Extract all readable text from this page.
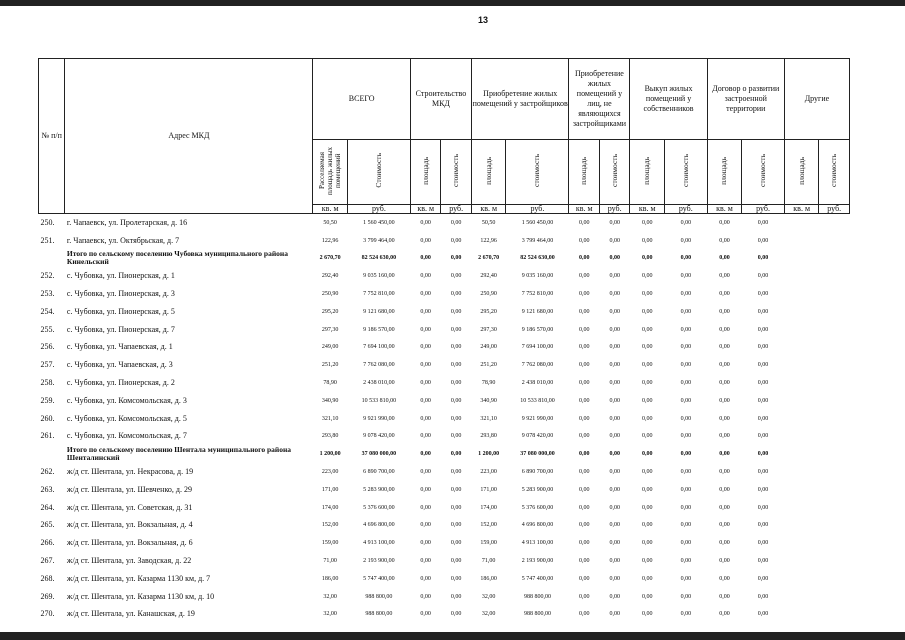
13
№ п/п	Адрес МКД	ВСЕГО		Строительство МКД		Приобретение жилых помещений у застройщиков		Приобретение жилых помещений у лиц, не являющихся застройщиками		Выкуп жилых помещений у собственников		Договор о развитии застроенной территории		Другие	
		Расселяемая площадь жилых помещений	Стоимость	площадь	стоимость	площадь	стоимость	площадь	стоимость	площадь	стоимость	площадь	стоимость	площадь	стоимость
		кв. м	руб.	кв. м	руб.	кв. м	руб.	кв. м	руб.	кв. м	руб.	кв. м	руб.	кв. м	руб.
250.	г. Чапаевск, ул. Пролетарская, д. 16	50,50	1 560 450,00	0,00	0,00	50,50	1 560 450,00	0,00	0,00	0,00	0,00	0,00	0,00		
251.	г. Чапаевск, ул. Октябрьская, д. 7	122,96	3 799 464,00	0,00	0,00	122,96	3 799 464,00	0,00	0,00	0,00	0,00	0,00	0,00		
	Итого по сельскому поселению Чубовка муниципального района Кинельский	2 670,70	82 524 630,00	0,00	0,00	2 670,70	82 524 630,00	0,00	0,00	0,00	0,00	0,00	0,00		
252.	с. Чубовка, ул. Пионерская, д. 1	292,40	9 035 160,00	0,00	0,00	292,40	9 035 160,00	0,00	0,00	0,00	0,00	0,00	0,00		
253.	с. Чубовка, ул. Пионерская, д. 3	250,90	7 752 810,00	0,00	0,00	250,90	7 752 810,00	0,00	0,00	0,00	0,00	0,00	0,00		
254.	с. Чубовка, ул. Пионерская, д. 5	295,20	9 121 680,00	0,00	0,00	295,20	9 121 680,00	0,00	0,00	0,00	0,00	0,00	0,00		
255.	с. Чубовка, ул. Пионерская, д. 7	297,30	9 186 570,00	0,00	0,00	297,30	9 186 570,00	0,00	0,00	0,00	0,00	0,00	0,00		
256.	с. Чубовка, ул. Чапаевская, д. 1	249,00	7 694 100,00	0,00	0,00	249,00	7 694 100,00	0,00	0,00	0,00	0,00	0,00	0,00		
257.	с. Чубовка, ул. Чапаевская, д. 3	251,20	7 762 080,00	0,00	0,00	251,20	7 762 080,00	0,00	0,00	0,00	0,00	0,00	0,00		
258.	с. Чубовка, ул. Пионерская, д. 2	78,90	2 438 010,00	0,00	0,00	78,90	2 438 010,00	0,00	0,00	0,00	0,00	0,00	0,00		
259.	с. Чубовка, ул. Комсомольская, д. 3	340,90	10 533 810,00	0,00	0,00	340,90	10 533 810,00	0,00	0,00	0,00	0,00	0,00	0,00		
260.	с. Чубовка, ул. Комсомольская, д. 5	321,10	9 921 990,00	0,00	0,00	321,10	9 921 990,00	0,00	0,00	0,00	0,00	0,00	0,00		
261.	с. Чубовка, ул. Комсомольская, д. 7	293,80	9 078 420,00	0,00	0,00	293,80	9 078 420,00	0,00	0,00	0,00	0,00	0,00	0,00		
	Итого по сельскому поселению Шентала муниципального района Шенталинский	1 200,00	37 080 000,00	0,00	0,00	1 200,00	37 080 000,00	0,00	0,00	0,00	0,00	0,00	0,00		
262.	ж/д ст. Шентала, ул. Некрасова, д. 19	223,00	6 890 700,00	0,00	0,00	223,00	6 890 700,00	0,00	0,00	0,00	0,00	0,00	0,00		
263.	ж/д ст. Шентала, ул. Шевченко, д. 29	171,00	5 283 900,00	0,00	0,00	171,00	5 283 900,00	0,00	0,00	0,00	0,00	0,00	0,00		
264.	ж/д ст. Шентала, ул. Советская, д. 31	174,00	5 376 600,00	0,00	0,00	174,00	5 376 600,00	0,00	0,00	0,00	0,00	0,00	0,00		
265.	ж/д ст. Шентала, ул. Вокзальная, д. 4	152,00	4 696 800,00	0,00	0,00	152,00	4 696 800,00	0,00	0,00	0,00	0,00	0,00	0,00		
266.	ж/д ст. Шентала, ул. Вокзальная, д. 6	159,00	4 913 100,00	0,00	0,00	159,00	4 913 100,00	0,00	0,00	0,00	0,00	0,00	0,00		
267.	ж/д ст. Шентала, ул. Заводская, д. 22	71,00	2 193 900,00	0,00	0,00	71,00	2 193 900,00	0,00	0,00	0,00	0,00	0,00	0,00		
268.	ж/д ст. Шентала, ул. Казарма 1130 км, д. 7	186,00	5 747 400,00	0,00	0,00	186,00	5 747 400,00	0,00	0,00	0,00	0,00	0,00	0,00		
269.	ж/д ст. Шентала, ул. Казарма 1130 км, д. 10	32,00	988 800,00	0,00	0,00	32,00	988 800,00	0,00	0,00	0,00	0,00	0,00	0,00		
270.	ж/д ст. Шентала, ул. Канашская, д. 19	32,00	988 800,00	0,00	0,00	32,00	988 800,00	0,00	0,00	0,00	0,00	0,00	0,00		
